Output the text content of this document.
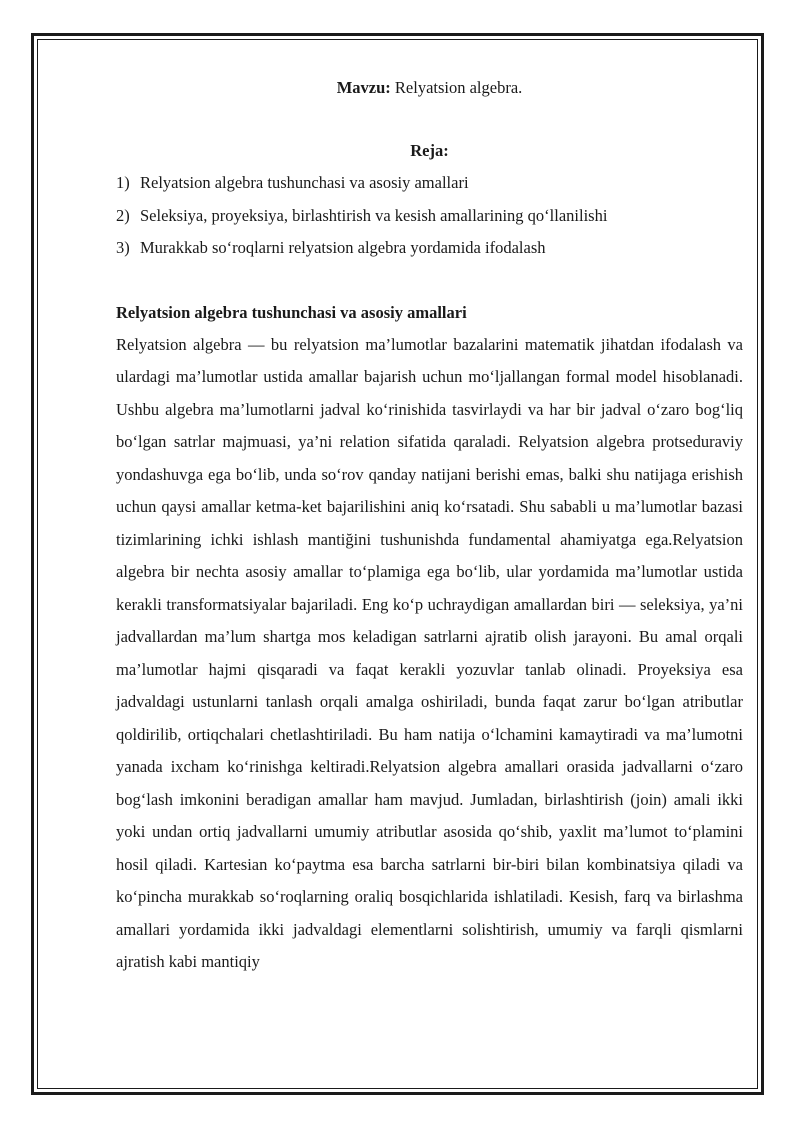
Mavzu: Relyatsion algebra.

Reja:

1) Relyatsion algebra tushunchasi va asosiy amallari
2) Seleksiya, proyeksiya, birlashtirish va kesish amallarining qo‘llanilishi
3) Murakkab so‘roqlarni relyatsion algebra yordamida ifodalash

Relyatsion algebra tushunchasi va asosiy amallari

Relyatsion algebra — bu relyatsion ma’lumotlar bazalarini matematik jihatdan ifodalash va ulardagi ma’lumotlar ustida amallar bajarish uchun mo‘ljallangan formal model hisoblanadi. Ushbu algebra ma’lumotlarni jadval ko‘rinishida tasvirlaydi va har bir jadval o‘zaro bog‘liq bo‘lgan satrlar majmuasi, ya’ni relation sifatida qaraladi. Relyatsion algebra protseduraviy yondashuvga ega bo‘lib, unda so‘rov qanday natijani berishi emas, balki shu natijaga erishish uchun qaysi amallar ketma-ket bajarilishini aniq ko‘rsatadi. Shu sababli u ma’lumotlar bazasi tizimlarining ichki ishlash mantiğini tushunishda fundamental ahamiyatga ega.Relyatsion algebra bir nechta asosiy amallar to‘plamiga ega bo‘lib, ular yordamida ma’lumotlar ustida kerakli transformatsiyalar bajariladi. Eng ko‘p uchraydigan amallardan biri — seleksiya, ya’ni jadvallardan ma’lum shartga mos keladigan satrlarni ajratib olish jarayoni. Bu amal orqali ma’lumotlar hajmi qisqaradi va faqat kerakli yozuvlar tanlab olinadi. Proyeksiya esa jadvaldagi ustunlarni tanlash orqali amalga oshiriladi, bunda faqat zarur bo‘lgan atributlar qoldirilib, ortiqchalari chetlashtiriladi. Bu ham natija o‘lchamini kamaytiradi va ma’lumotni yanada ixcham ko‘rinishga keltiradi.Relyatsion algebra amallari orasida jadvallarni o‘zaro bog‘lash imkonini beradigan amallar ham mavjud. Jumladan, birlashtirish (join) amali ikki yoki undan ortiq jadvallarni umumiy atributlar asosida qo‘shib, yaxlit ma’lumot to‘plamini hosil qiladi. Kartesian ko‘paytma esa barcha satrlarni bir-biri bilan kombinatsiya qiladi va ko‘pincha murakkab so‘roqlarning oraliq bosqichlarida ishlatiladi. Kesish, farq va birlashma amallari yordamida ikki jadvaldagi elementlarni solishtirish, umumiy va farqli qismlarni ajratish kabi mantiqiy
